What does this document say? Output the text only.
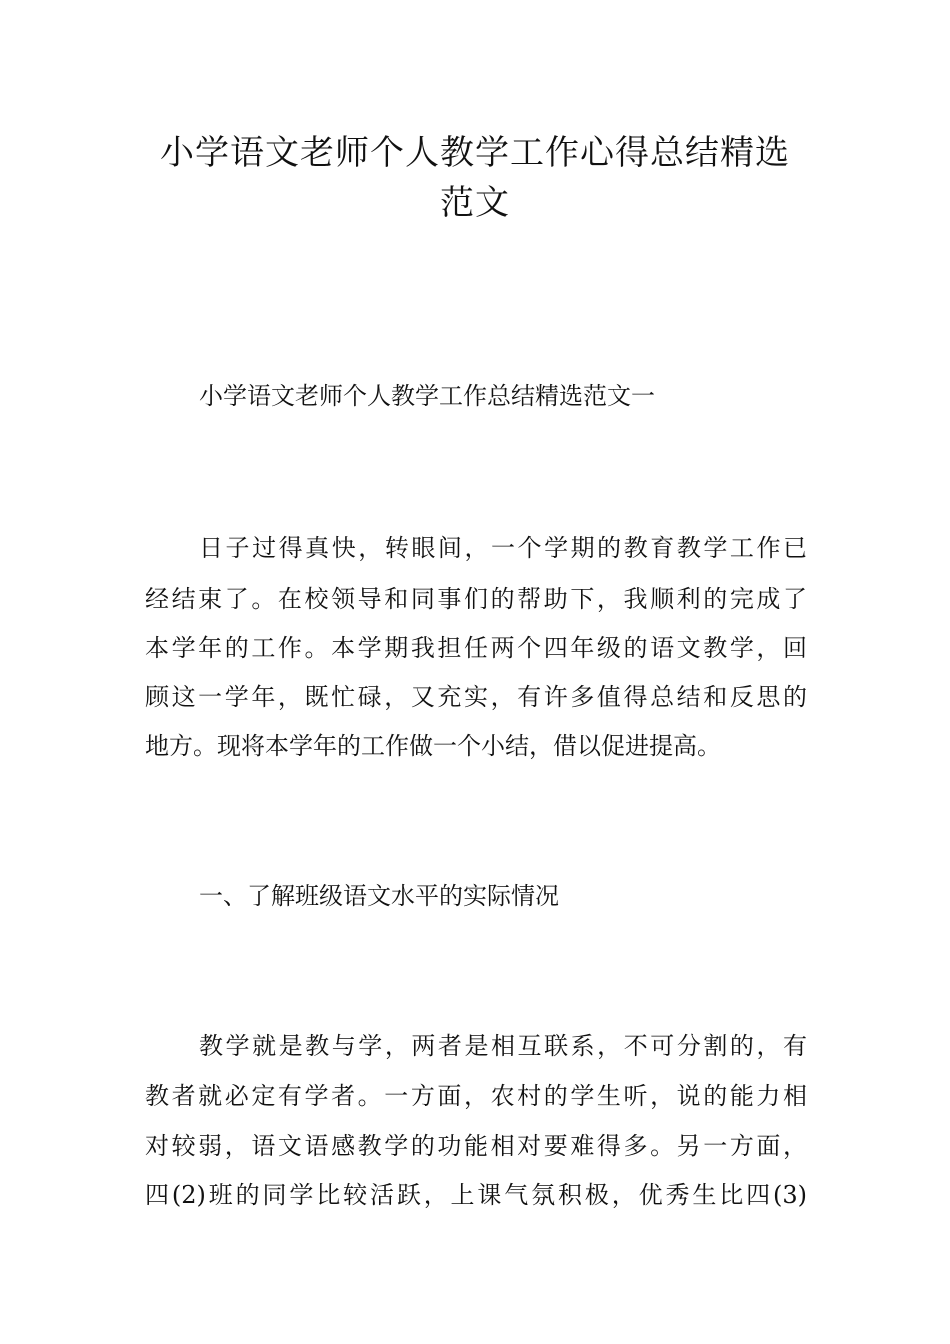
小学语文老师个人教学工作心得总结精选
范文
小学语文老师个人教学工作总结精选范文一
日子过得真快，转眼间，一个学期的教育教学工作已
经结束了。在校领导和同事们的帮助下，我顺利的完成了
本学年的工作。本学期我担任两个四年级的语文教学，回
顾这一学年，既忙碌，又充实，有许多值得总结和反思的
地方。现将本学年的工作做一个小结，借以促进提高。
一、了解班级语文水平的实际情况
教学就是教与学，两者是相互联系，不可分割的，有
教者就必定有学者。一方面，农村的学生听，说的能力相
对较弱，语文语感教学的功能相对要难得多。另一方面，
四(2)班的同学比较活跃，上课气氛积极，优秀生比四(3)
